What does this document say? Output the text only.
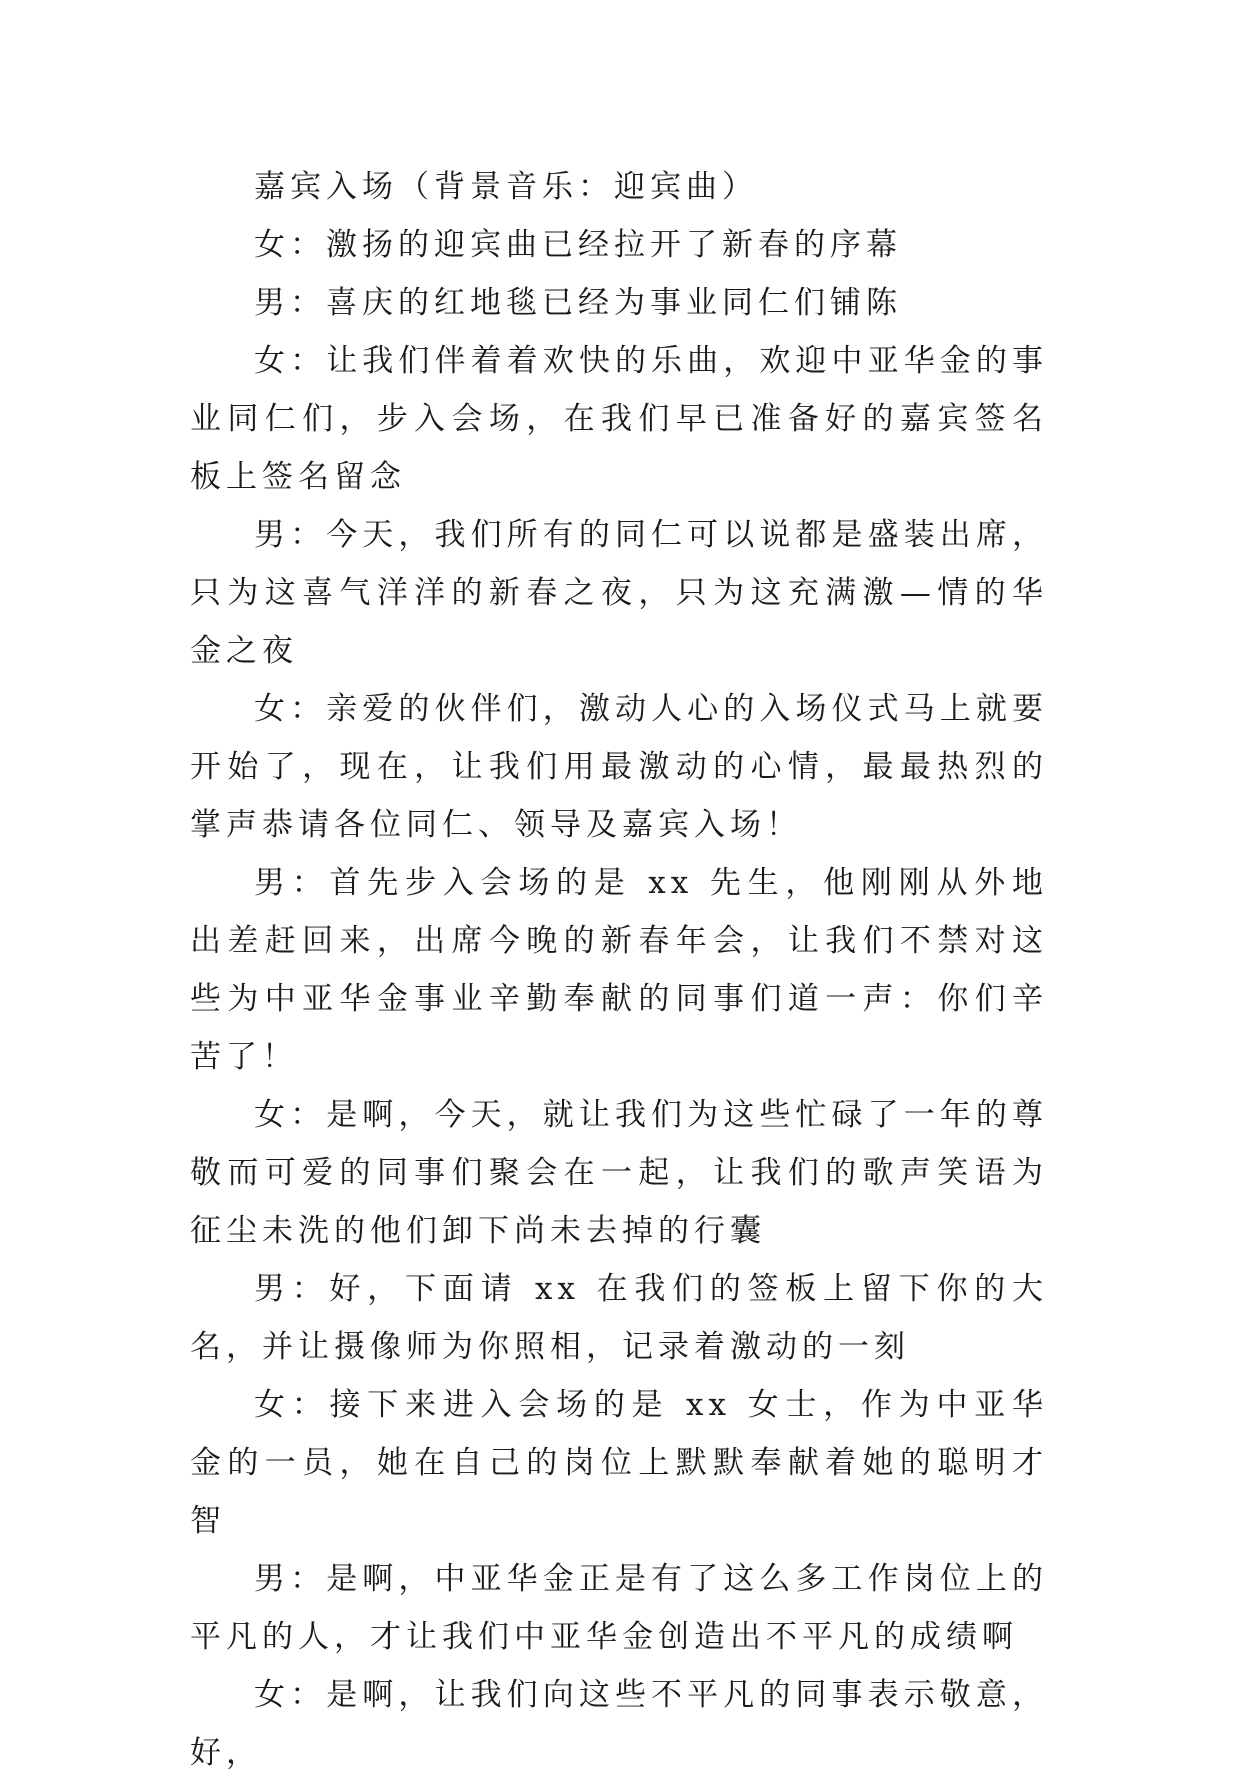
嘉宾入场（背景音乐：迎宾曲）

女：激扬的迎宾曲已经拉开了新春的序幕

男：喜庆的红地毯已经为事业同仁们铺陈

女：让我们伴着着欢快的乐曲，欢迎中亚华金的事业同仁们，步入会场，在我们早已准备好的嘉宾签名板上签名留念

男：今天，我们所有的同仁可以说都是盛装出席，只为这喜气洋洋的新春之夜，只为这充满激—情的华金之夜

女：亲爱的伙伴们，激动人心的入场仪式马上就要开始了，现在，让我们用最激动的心情，最最热烈的掌声恭请各位同仁、领导及嘉宾入场！

男：首先步入会场的是 xx 先生，他刚刚从外地出差赶回来，出席今晚的新春年会，让我们不禁对这些为中亚华金事业辛勤奉献的同事们道一声：你们辛苦了！

女：是啊，今天，就让我们为这些忙碌了一年的尊敬而可爱的同事们聚会在一起，让我们的歌声笑语为征尘未洗的他们卸下尚未去掉的行囊

男：好，下面请 xx 在我们的签板上留下你的大名，并让摄像师为你照相，记录着激动的一刻

女：接下来进入会场的是 xx 女士，作为中亚华金的一员，她在自己的岗位上默默奉献着她的聪明才智

男：是啊，中亚华金正是有了这么多工作岗位上的平凡的人，才让我们中亚华金创造出不平凡的成绩啊

女：是啊，让我们向这些不平凡的同事表示敬意，好，
